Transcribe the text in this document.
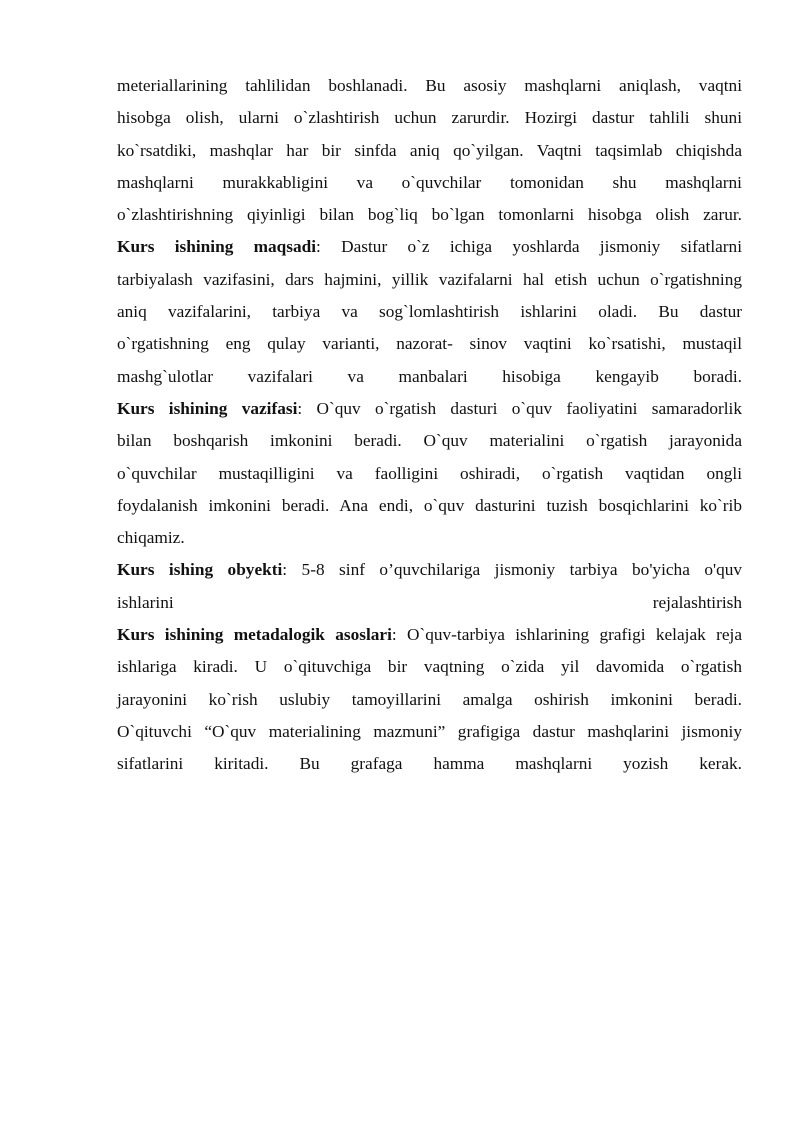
meteriallarining tahlilidan boshlanadi. Bu asosiy mashqlarni aniqlash, vaqtni
hisobga olish, ularni o`zlashtirish uchun zarurdir. Hozirgi dastur tahlili shuni
ko`rsatdiki, mashqlar har bir sinfda aniq qo`yilgan. Vaqtni taqsimlab chiqishda
mashqlarni murakkabligini va o`quvchilar tomonidan shu mashqlarni
o`zlashtirishning qiyinligi bilan bog`liq bo`lgan tomonlarni hisobga olish zarur.
Kurs ishining maqsadi: Dastur o`z ichiga yoshlarda jismoniy sifatlarni
tarbiyalash vazifasini, dars hajmini, yillik vazifalarni hal etish uchun o`rgatishning
aniq vazifalarini, tarbiya va sog`lomlashtirish ishlarini oladi. Bu dastur
o`rgatishning eng qulay varianti, nazorat- sinov vaqtini ko`rsatishi, mustaqil
mashg`ulotlar vazifalari va manbalari hisobiga kengayib boradi.
Kurs ishining vazifasi: O`quv o`rgatish dasturi o`quv faoliyatini samaradorlik
bilan boshqarish imkonini beradi. O`quv materialini o`rgatish jarayonida
o`quvchilar mustaqilligini va faolligini oshiradi, o`rgatish vaqtidan ongli
foydalanish imkonini beradi. Ana endi, o`quv dasturini tuzish bosqichlarini ko`rib
chiqamiz.
Kurs ishing obyekti: 5-8 sinf o’quvchilariga jismoniy tarbiya bo'yicha o'quv
ishlarini rejalashtirish
Kurs ishining metadalogik asoslari: O`quv-tarbiya ishlarining grafigi kelajak reja
ishlariga kiradi. U o`qituvchiga bir vaqtning o`zida yil davomida o`rgatish
jarayonini ko`rish uslubiy tamoyillarini amalga oshirish imkonini beradi.
O`qituvchi “O`quv materialining mazmuni” grafigiga dastur mashqlarini jismoniy
sifatlarini kiritadi. Bu grafaga hamma mashqlarni yozish kerak.
